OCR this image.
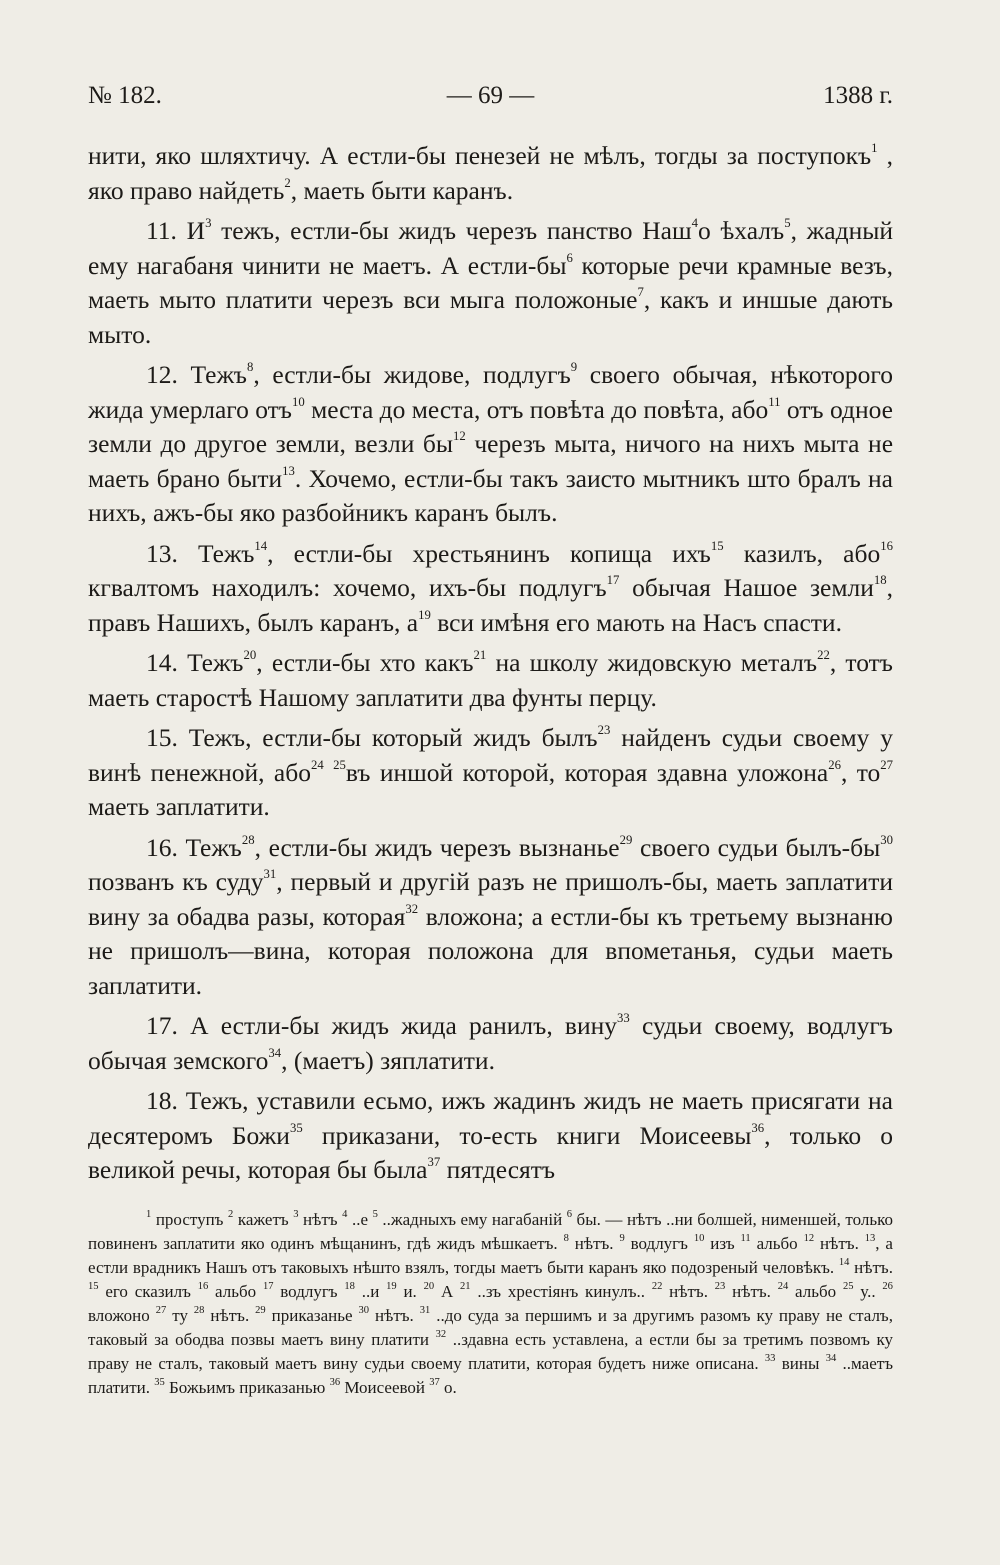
№ 182.	— 69 —	1388 г.

нити, яко шляхтичу. А естли-бы пенезей не мѣлъ, тогды за поступокъ$^1$ , яко право найдеть$^2$, маеть быти каранъ.

11. $И^3$ тежъ, естли-бы жидъ черезъ панство Наш$^4$о ѣхалъ$^5$, жадный ему нагабаня чинити не маетъ. А естли-$бы^6$ которые речи крамные везъ, маеть мыто платити черезъ вси мыга положоные$^7$, какъ и иншые дають мыто.

12. Тежъ$^8$, естли-бы жидове, подлугъ$^9$ своего обычая, нѣкоторого жида умерлаго отъ$^{10}$ места до места, отъ повѣта до повѣта, або$^{11}$ отъ одное земли до другое земли, везли $бы^{12}$ черезъ мыта, ничого на нихъ мыта не маеть брано быти$^{13}$. Хочемо, естли-бы такъ заисто мытникъ што бралъ на нихъ, ажъ-бы яко разбойникъ каранъ былъ.

13. Тежъ$^{14}$, естли-бы хрестьянинъ копища ихъ$^{15}$ казилъ, або$^{16}$ кгвалтомъ находилъ: хочемо, ихъ-бы подлугъ$^{17}$ обычая Нашое земли$^{18}$, правъ Нашихъ, былъ каранъ, $а^{19}$ вси имѣня его мають на Насъ спасти.

14. Тежъ$^{20}$, естли-бы хто какъ$^{21}$ на школу жидовскую металъ$^{22}$, тотъ маеть старостѣ Нашому заплатити два фунты перцу.

15. Тежъ, естли-бы который жидъ былъ$^{23}$ найденъ судьи своему у винѣ пенежной, або$^{24}$ $^{25}$въ иншой которой, которая здавна уложона$^{26}$, $то^{27}$ маеть заплатити.

16. Тежъ$^{28}$, естли-бы жидъ черезъ вызнанье$^{29}$ своего судьи былъ-$бы^{30}$ позванъ къ суду$^{31}$, первый и другiй разъ не пришолъ-бы, маеть заплатити вину за обадва разы, которая$^{32}$ вложона; а естли-бы къ третьему вызнаню не пришолъ—вина, которая положона для впометанья, судьи маеть заплатити.

17. А естли-бы жидъ жида ранилъ, вину$^{33}$ судьи своему, водлугъ обычая земского$^{34}$, (маетъ) зяплатити.

18. Тежъ, уставили есьмо, ижъ жадинъ жидъ не маеть присягати на десятеромъ Божи$^{35}$ приказани, то-есть книги Моисеевы$^{36}$, только о великой речы, которая бы была$^{37}$ пятдесятъ

$^1$ проступъ $^2$ кажетъ $^3$ нѣтъ $^4$ ..е $^5$ ..жадныхъ ему нагабанiй $^6$ бы. — нѣтъ ..ни болшей, нименшей, только повиненъ заплатити яко одинъ мѣщанинъ, гдѣ жидъ мѣшкаетъ. $^8$ нѣтъ. $^9$ водлугъ $^{10}$ изъ $^{11}$ альбо $^{12}$ нѣтъ. $^{13}$, а естли врадникъ Нашъ отъ таковыхъ нѣшто взялъ, тогды маетъ быти каранъ яко подозреный человѣкъ. $^{14}$ нѣтъ. $^{15}$ его сказилъ $^{16}$ альбо $^{17}$ водлугъ $^{18}$ ..и $^{19}$ и. $^{20}$ А $^{21}$ ..зъ хрестiянъ кинулъ.. $^{22}$ нѣтъ. $^{23}$ нѣтъ. $^{24}$ альбо $^{25}$ у.. $^{26}$ вложоно $^{27}$ ту $^{28}$ нѣтъ. $^{29}$ приказанье $^{30}$ нѣтъ. $^{31}$ ..до суда за першимъ и за другимъ разомъ ку праву не сталъ, таковый за ободва позвы маетъ вину платити $^{32}$ ..здавна есть уставлена, а естли бы за третимъ позвомъ ку праву не сталъ, таковый маетъ вину судьи своему платити, которая будетъ ниже описана. $^{33}$ вины $^{34}$ ..маетъ платити. $^{35}$ Божьимъ приказанью $^{36}$ Моисеевой $^{37}$ о.
